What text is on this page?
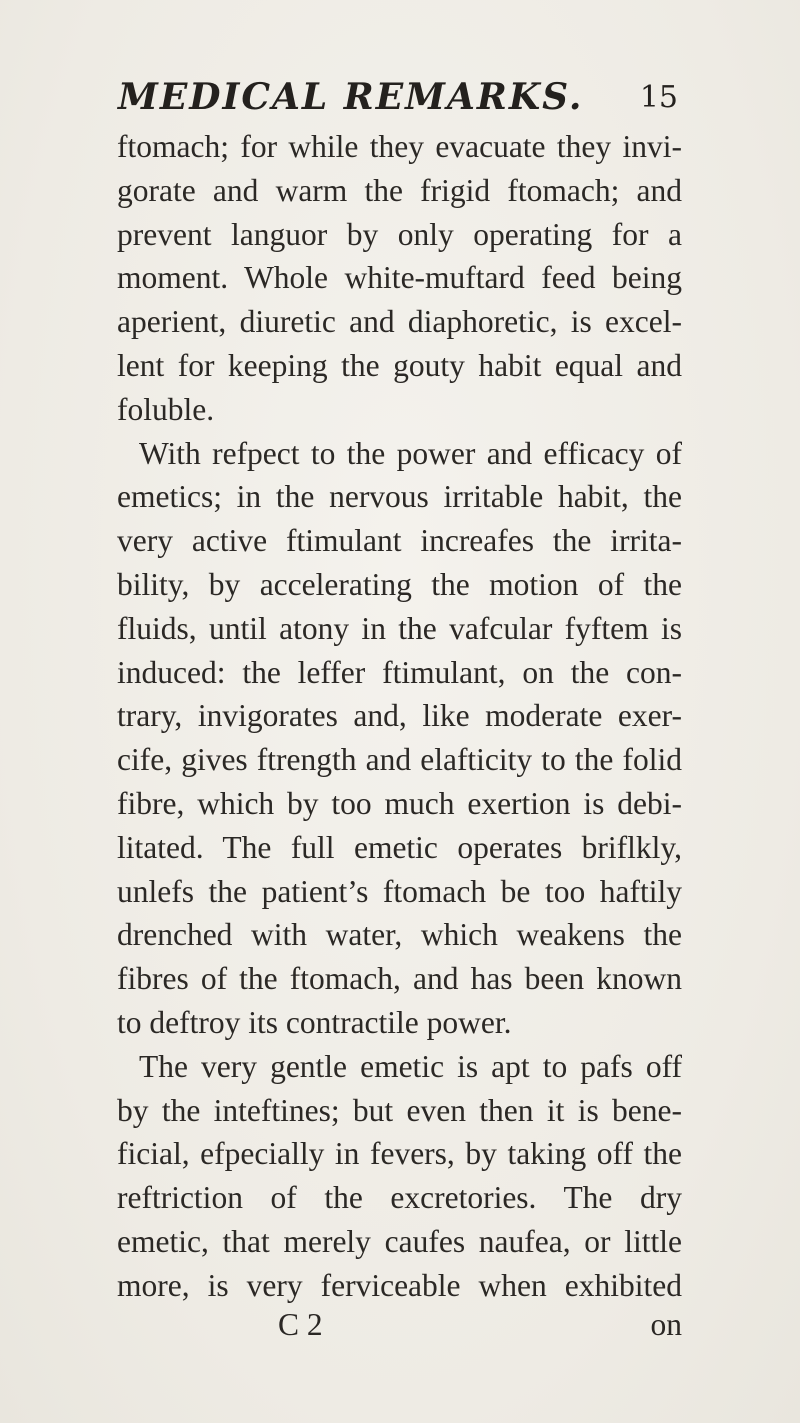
MEDICAL REMARKS. 15
ftomach; for while they evacuate they invi-
gorate and warm the frigid ftomach; and
prevent languor by only operating for a
moment. Whole white-muftard feed being
aperient, diuretic and diaphoretic, is excel-
lent for keeping the gouty habit equal and
foluble.
With refpect to the power and efficacy of
emetics; in the nervous irritable habit, the
very active ftimulant increafes the irrita-
bility, by accelerating the motion of the
fluids, until atony in the vafcular fyftem is
induced: the leffer ftimulant, on the con-
trary, invigorates and, like moderate exer-
cife, gives ftrength and elafticity to the folid
fibre, which by too much exertion is debi-
litated. The full emetic operates briflkly,
unlefs the patient’s ftomach be too haftily
drenched with water, which weakens the
fibres of the ftomach, and has been known
to deftroy its contractile power.
The very gentle emetic is apt to pafs off
by the inteftines; but even then it is bene-
ficial, efpecially in fevers, by taking off the
reftriction of the excretories. The dry
emetic, that merely caufes naufea, or little
more, is very ferviceable when exhibited
C 2	on
